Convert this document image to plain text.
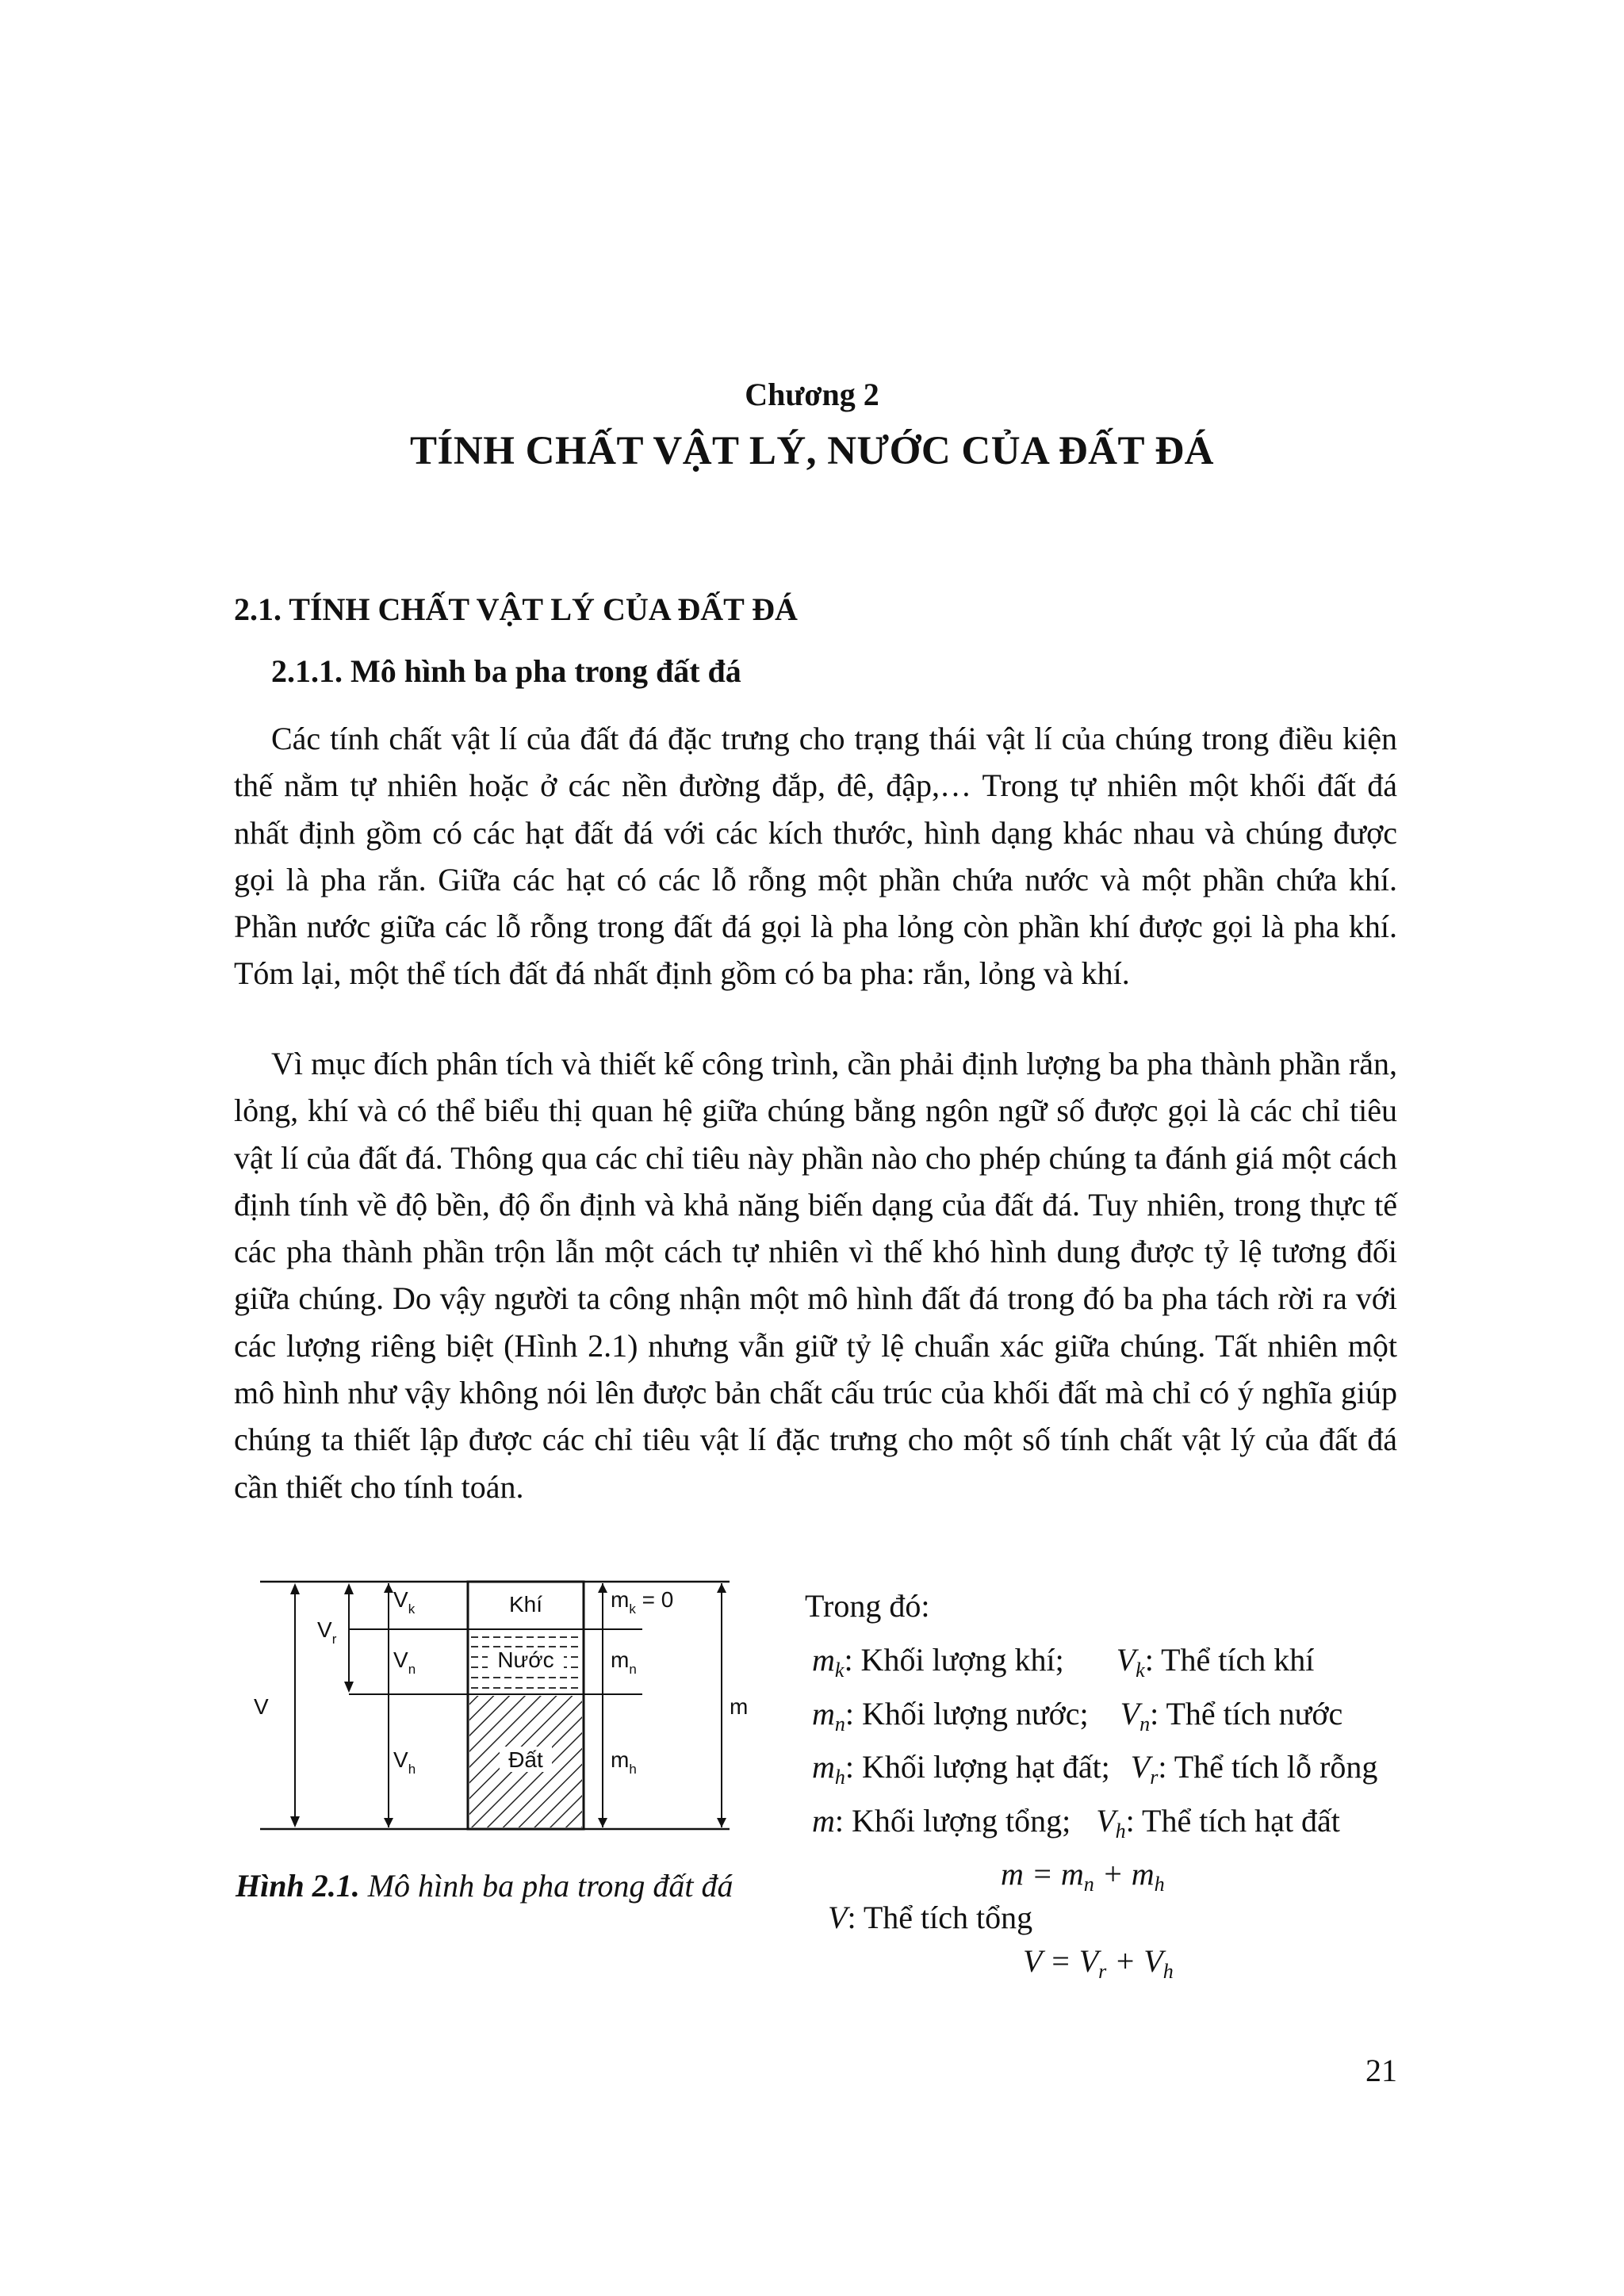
Chương 2
TÍNH CHẤT VẬT LÝ, NƯỚC CỦA ĐẤT ĐÁ
2.1. TÍNH CHẤT VẬT LÝ CỦA ĐẤT ĐÁ
2.1.1. Mô hình ba pha trong đất đá

Các tính chất vật lí của đất đá đặc trưng cho trạng thái vật lí của chúng trong điều kiện thế nằm tự nhiên hoặc ở các nền đường đắp, đê, đập,… Trong tự nhiên một khối đất đá nhất định gồm có các hạt đất đá với các kích thước, hình dạng khác nhau và chúng được gọi là pha rắn. Giữa các hạt có các lỗ rỗng một phần chứa nước và một phần chứa khí. Phần nước giữa các lỗ rỗng trong đất đá gọi là pha lỏng còn phần khí được gọi là pha khí. Tóm lại, một thể tích đất đá nhất định gồm có ba pha: rắn, lỏng và khí.

Vì mục đích phân tích và thiết kế công trình, cần phải định lượng ba pha thành phần rắn, lỏng, khí và có thể biểu thị quan hệ giữa chúng bằng ngôn ngữ số được gọi là các chỉ tiêu vật lí của đất đá. Thông qua các chỉ tiêu này phần nào cho phép chúng ta đánh giá một cách định tính về độ bền, độ ổn định và khả năng biến dạng của đất đá. Tuy nhiên, trong thực tế các pha thành phần trộn lẫn một cách tự nhiên vì thế khó hình dung được tỷ lệ tương đối giữa chúng. Do vậy người ta công nhận một mô hình đất đá trong đó ba pha tách rời ra với các lượng riêng biệt (Hình 2.1) nhưng vẫn giữ tỷ lệ chuẩn xác giữa chúng. Tất nhiên một mô hình như vậy không nói lên được bản chất cấu trúc của khối đất mà chỉ có ý nghĩa giúp chúng ta thiết lập được các chỉ tiêu vật lí đặc trưng cho một số tính chất vật lý của đất đá cần thiết cho tính toán.

Khí
Nước
Đất
V
$V_r$
$V_k$
$V_n$
$V_h$
$m_k = 0$
$m_n$
$m_h$
m

Hình 2.1. Mô hình ba pha trong đất đá

Trong đó:

$m_k$: Khối lượng khí; $V_k$: Thể tích khí

$m_n$: Khối lượng nước; $V_n$: Thể tích nước

$m_h$: Khối lượng hạt đất; $V_r$: Thể tích lỗ rỗng

m: Khối lượng tổng; $V_h$: Thể tích hạt đất

$m = m_n + m_h$

V: Thể tích tổng

$V = V_r + V_h$

21
